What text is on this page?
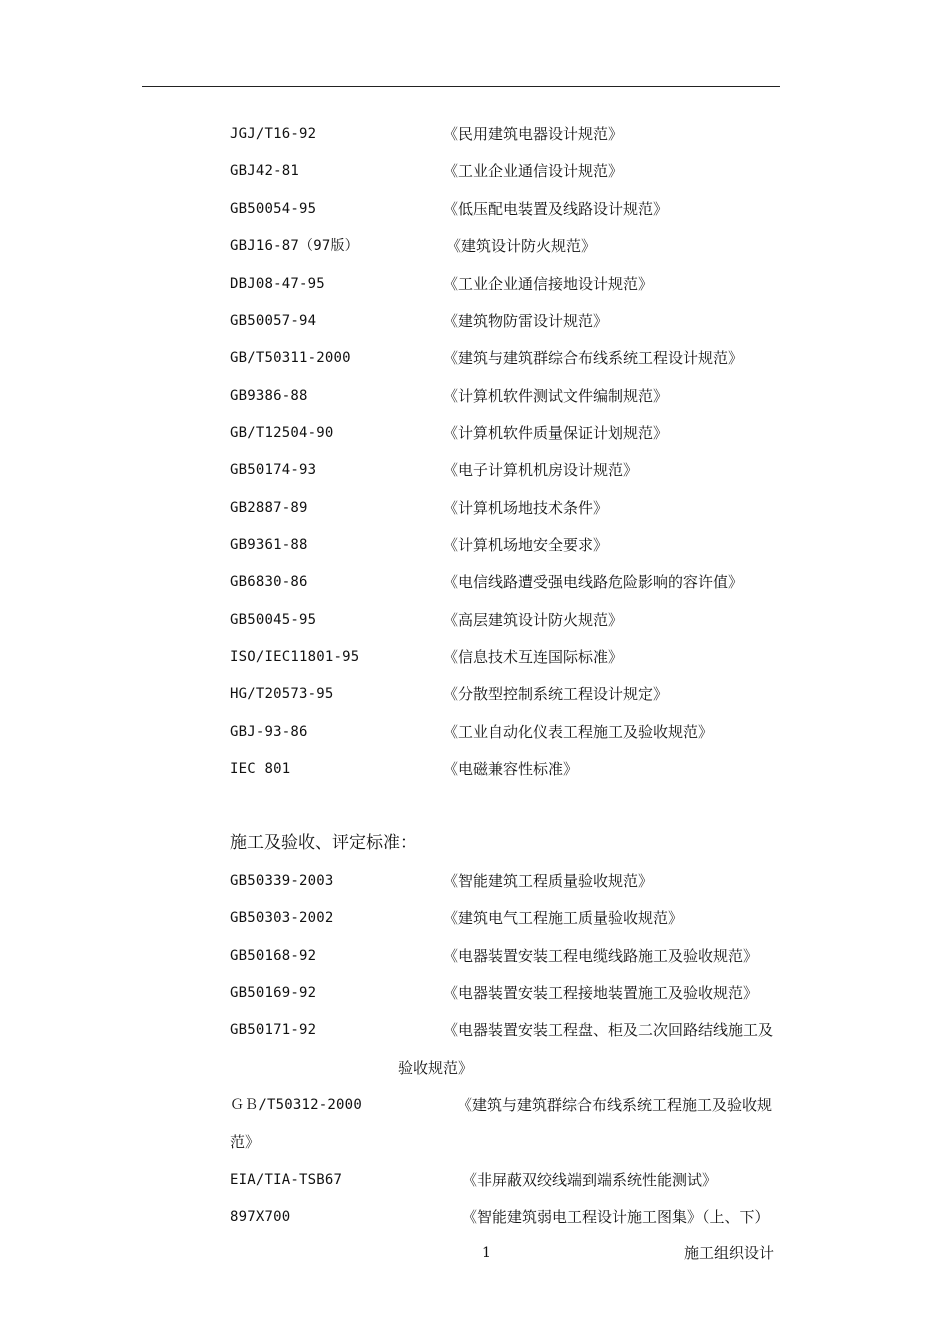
JGJ/T16-92	《民用建筑电器设计规范》
GBJ42-81	《工业企业通信设计规范》
GB50054-95	《低压配电装置及线路设计规范》
GBJ16-87（97版）	《建筑设计防火规范》
DBJ08-47-95	《工业企业通信接地设计规范》
GB50057-94	《建筑物防雷设计规范》
GB/T50311-2000	《建筑与建筑群综合布线系统工程设计规范》
GB9386-88	《计算机软件测试文件编制规范》
GB/T12504-90	《计算机软件质量保证计划规范》
GB50174-93	《电子计算机机房设计规范》
GB2887-89	《计算机场地技术条件》
GB9361-88	《计算机场地安全要求》
GB6830-86	《电信线路遭受强电线路危险影响的容许值》
GB50045-95	《高层建筑设计防火规范》
ISO/IEC11801-95	《信息技术互连国际标准》
HG/T20573-95	《分散型控制系统工程设计规定》
GBJ-93-86	《工业自动化仪表工程施工及验收规范》
IEC 801	《电磁兼容性标准》
施工及验收、评定标准：
GB50339-2003	《智能建筑工程质量验收规范》
GB50303-2002	《建筑电气工程施工质量验收规范》
GB50168-92	《电器装置安装工程电缆线路施工及验收规范》
GB50169-92	《电器装置安装工程接地装置施工及验收规范》
GB50171-92	《电器装置安装工程盘、柜及二次回路结线施工及
验收规范》
ＧＢ/T50312-2000	《建筑与建筑群综合布线系统工程施工及验收规
范》
EIA/TIA-TSB67	《非屏蔽双绞线端到端系统性能测试》
897X700	《智能建筑弱电工程设计施工图集》（上、下）
1	施工组织设计
